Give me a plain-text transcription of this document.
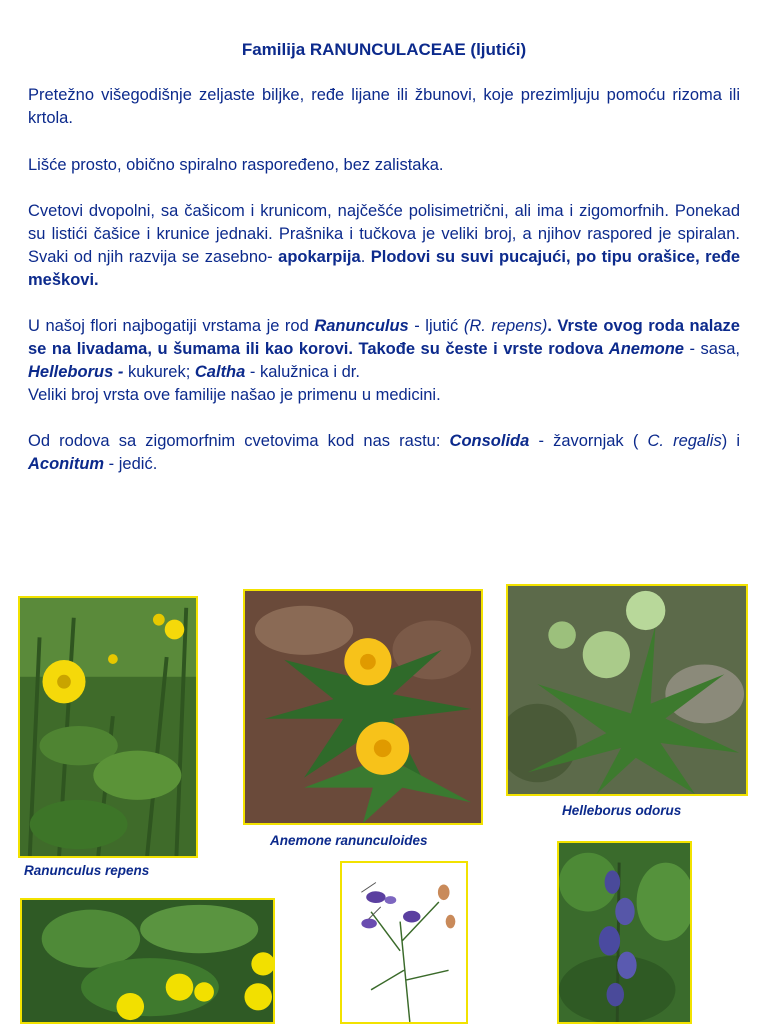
Familija RANUNCULACEAE (ljutići)
Pretežno višegodišnje zeljaste biljke, ređe lijane ili žbunovi, koje prezimljuju pomoću rizoma ili krtola.
Lišće prosto, obično spiralno raspoređeno, bez zalistaka.
Cvetovi dvopolni, sa čašicom i krunicom, najčešće polisimetrični, ali ima i zigomorfnih. Ponekad su listići čašice i krunice jednaki. Prašnika i tučkova je veliki broj, a njihov raspored je spiralan. Svaki od njih razvija se zasebno- apokarpija. Plodovi su suvi pucajući, po tipu orašice, ređe meškovi.
U našoj flori najbogatiji vrstama je rod Ranunculus - ljutić (R. repens). Vrste ovog roda nalaze se na livadama, u šumama ili kao korovi. Takođe su česte i vrste rodova Anemone - sasa, Helleborus - kukurek; Caltha - kalužnica i dr.
Veliki broj vrsta ove familije našao je primenu u medicini.
Od rodova sa zigomorfnim cvetovima kod nas rastu: Consolida - žavornjak ( C. regalis) i Aconitum - jedić.
Ranunculus repens
Anemone ranunculoides
Helleborus odorus
